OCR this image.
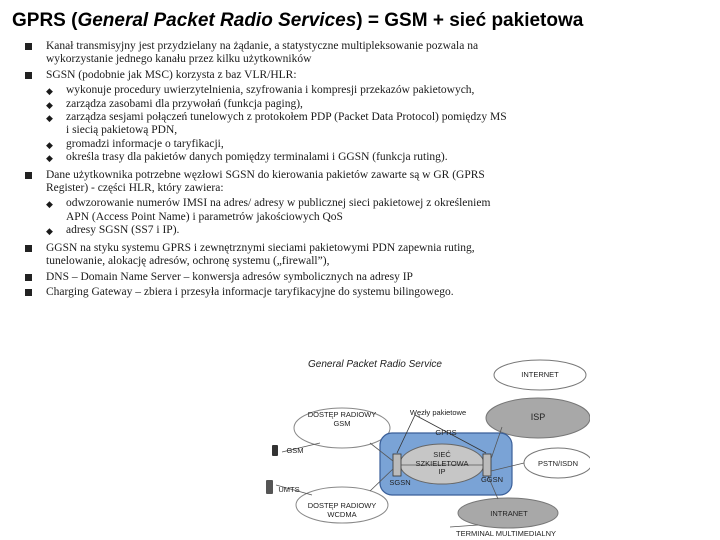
GPRS (General Packet Radio Services) = GSM + sieć pakietowa
Kanał transmisyjny jest przydzielany na żądanie, a statystyczne multipleksowanie pozwala na wykorzystanie jednego kanału przez kilku użytkowników
SGSN (podobnie jak MSC) korzysta z baz VLR/HLR:
◆ wykonuje procedury uwierzytelnienia, szyfrowania i kompresji przekazów pakietowych,
◆ zarządza zasobami dla przywołań (funkcja paging),
◆ zarządza sesjami połączeń tunelowych z protokołem PDP (Packet Data Protocol) pomiędzy MS i siecią pakietową PDN,
◆ gromadzi informacje o taryfikacji,
◆ określa trasy dla pakietów danych pomiędzy terminalami i GGSN (funkcja ruting).
Dane użytkownika potrzebne węzłowi SGSN do kierowania pakietów zawarte są w GR (GPRS Register) - części HLR, który zawiera:
◆ odwzorowanie numerów IMSI na adres/ adresy w publicznej sieci pakietowej z określeniem APN (Access Point Name) i parametrów jakościowych QoS
◆ adresy SGSN (SS7 i IP).
GGSN na styku systemu GPRS i zewnętrznymi sieciami pakietowymi PDN zapewnia ruting, tunelowanie, alokację adresów, ochronę systemu („firewall”),
DNS – Domain Name Server – konwersja adresów symbolicznych na adresy IP
Charging Gateway – zbiera i przesyła informacje taryfikacyjne do systemu bilingowego.
General Packet Radio Service
INTERNET
ISP
PSTN/ISDN
INTRANET
DOSTĘP RADIOWY
GSM
DOSTĘP RADIOWY
WCDMA
Węzły pakietowe
GPRS
SIEĆ
SZKIELETOWA
IP
SGSN	GGSN
GSM
UMTS
TERMINAL MULTIMEDIALNY
